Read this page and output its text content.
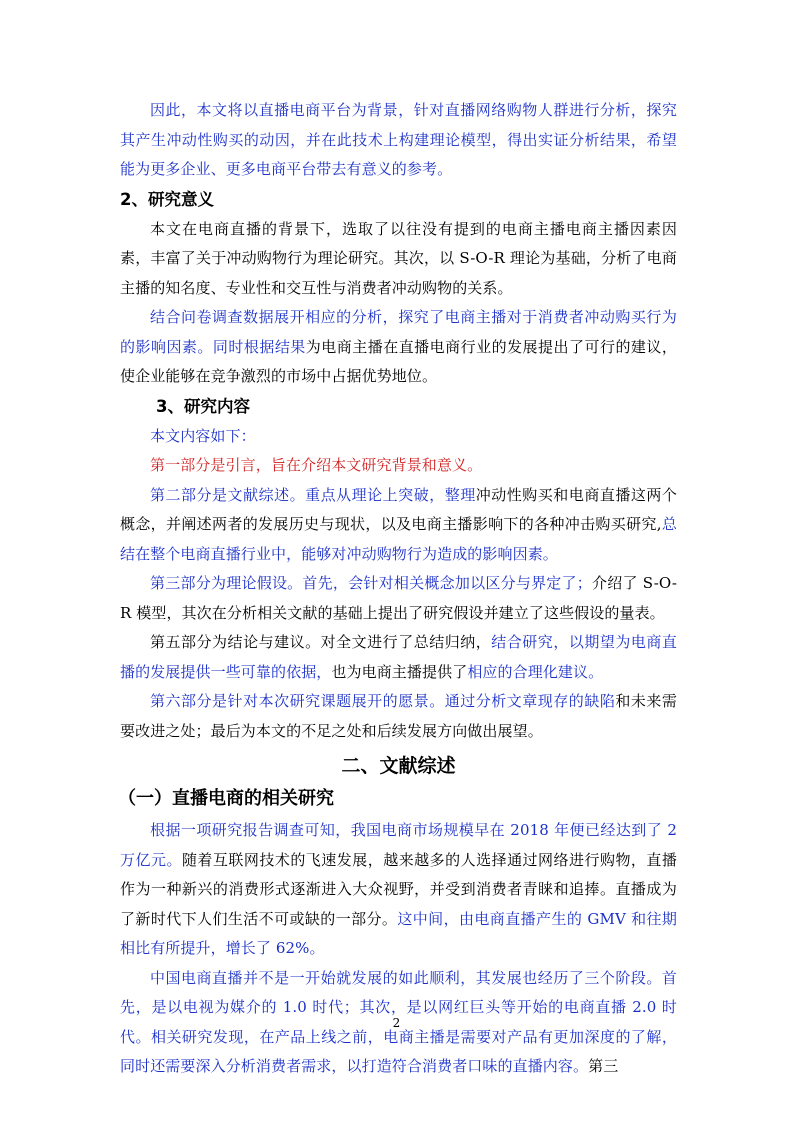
因此，本文将以直播电商平台为背景，针对直播网络购物人群进行分析，探究其产生冲动性购买的动因，并在此技术上构建理论模型，得出实证分析结果，希望能为更多企业、更多电商平台带去有意义的参考。

2、研究意义

本文在电商直播的背景下，选取了以往没有提到的电商主播电商主播因素因素，丰富了关于冲动购物行为理论研究。其次，以 S-O-R 理论为基础，分析了电商主播的知名度、专业性和交互性与消费者冲动购物的关系。

结合问卷调查数据展开相应的分析，探究了电商主播对于消费者冲动购买行为的影响因素。同时根据结果为电商主播在直播电商行业的发展提出了可行的建议，使企业能够在竞争激烈的市场中占据优势地位。

3、研究内容

本文内容如下：

第一部分是引言，旨在介绍本文研究背景和意义。

第二部分是文献综述。重点从理论上突破，整理冲动性购买和电商直播这两个概念，并阐述两者的发展历史与现状，以及电商主播影响下的各种冲击购买研究,总结在整个电商直播行业中，能够对冲动购物行为造成的影响因素。

第三部分为理论假设。首先，会针对相关概念加以区分与界定了；介绍了 S-O-R 模型，其次在分析相关文献的基础上提出了研究假设并建立了这些假设的量表。

第五部分为结论与建议。对全文进行了总结归纳，结合研究，以期望为电商直播的发展提供一些可靠的依据，也为电商主播提供了相应的合理化建议。

第六部分是针对本次研究课题展开的愿景。通过分析文章现存的缺陷和未来需要改进之处；最后为本文的不足之处和后续发展方向做出展望。

二、文献综述
（一）直播电商的相关研究

根据一项研究报告调查可知，我国电商市场规模早在 2018 年便已经达到了 2 万亿元。随着互联网技术的飞速发展，越来越多的人选择通过网络进行购物，直播作为一种新兴的消费形式逐渐进入大众视野，并受到消费者青睐和追捧。直播成为了新时代下人们生活不可或缺的一部分。这中间，由电商直播产生的 GMV 和往期相比有所提升，增长了 62%。

中国电商直播并不是一开始就发展的如此顺利，其发展也经历了三个阶段。首先，是以电视为媒介的 1.0 时代；其次，是以网红巨头等开始的电商直播 2.0 时代。相关研究发现，在产品上线之前，电商主播是需要对产品有更加深度的了解，同时还需要深入分析消费者需求，以打造符合消费者口味的直播内容。第三

2
